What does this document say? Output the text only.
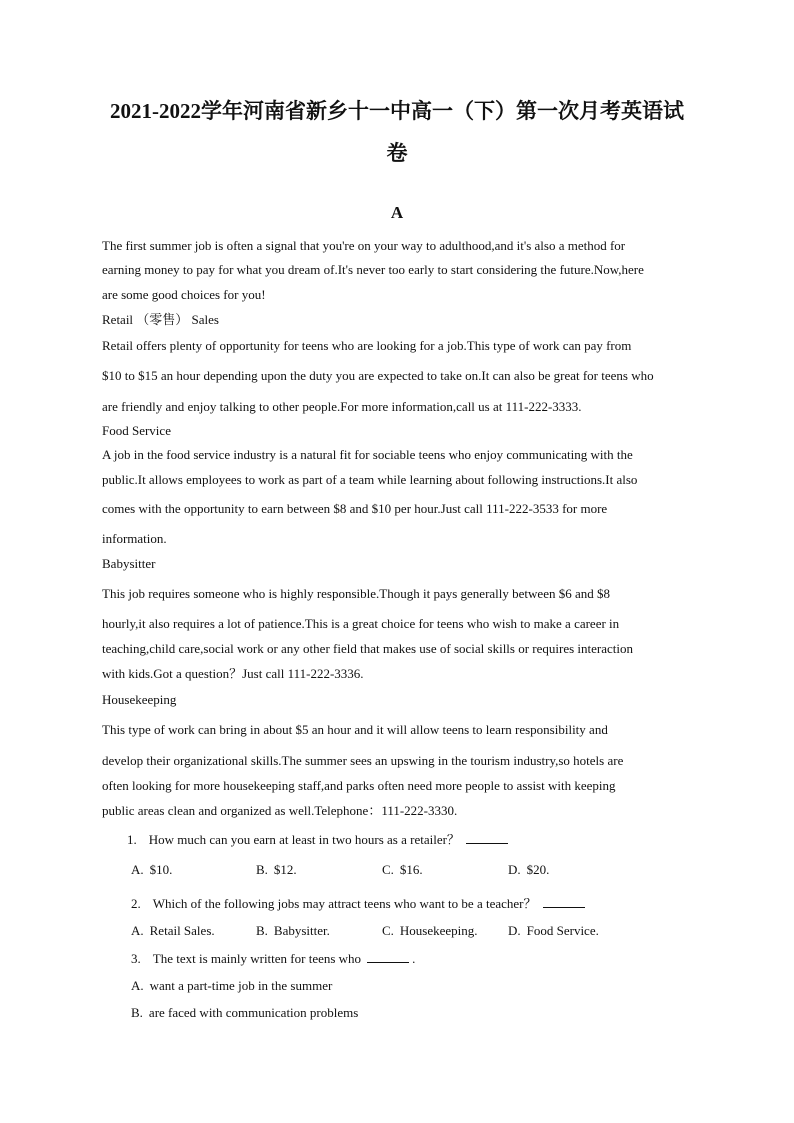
2021-2022学年河南省新乡十一中高一（下）第一次月考英语试
卷
A
The first summer job is often a signal that you're on your way to adulthood,and it's also a method for
earning money to pay for what you dream of.It's never too early to start considering the future.Now,here
are some good choices for you!
Retail （零售） Sales
Retail offers plenty of opportunity for teens who are looking for a job.This type of work can pay from
$10 to $15 an hour depending upon the duty you are expected to take on.It can also be great for teens who
are friendly and enjoy talking to other people.For more information,call us at 111-222-3333.
Food Service
A job in the food service industry is a natural fit for sociable teens who enjoy communicating with the
public.It allows employees to work as part of a team while learning about following instructions.It also
comes with the opportunity to earn between $8 and $10 per hour.Just call 111-222-3533 for more
information.
Babysitter
This job requires someone who is highly responsible.Though it pays generally between $6 and $8
hourly,it also requires a lot of patience.This is a great choice for teens who wish to make a career in
teaching,child care,social work or any other field that makes use of social skills or requires interaction
with kids.Got a question？Just call 111-222-3336.
Housekeeping
This type of work can bring in about $5 an hour and it will allow teens to learn responsibility and
develop their organizational skills.The summer sees an upswing in the tourism industry,so hotels are
often looking for more housekeeping staff,and parks often need more people to assist with keeping
public areas clean and organized as well.Telephone：111-222-3330.
1. How much can you earn at least in two hours as a retailer？
A. $10.	B. $12.	C. $16.	D. $20.
2. Which of the following jobs may attract teens who want to be a teacher？
A. Retail Sales.	B. Babysitter.	C. Housekeeping. D. Food Service.
3. The text is mainly written for teens who	.
A. want a part-time job in the summer
B. are faced with communication problems
